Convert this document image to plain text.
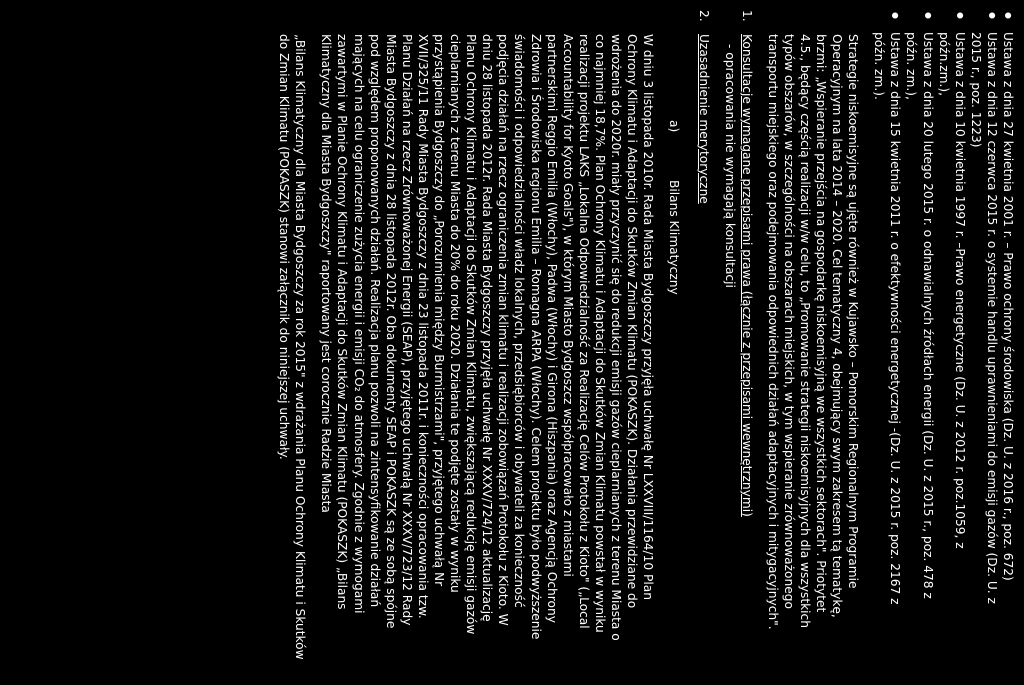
● Ustawa z dnia 27 kwietnia 2001 r. – Prawo ochrony środowiska (Dz. U. z 2016 r., poz. 672)
● Ustawa z dnia 12 czerwca 2015 r. o systemie handlu uprawnieniami do emisji gazów (Dz. U. z
2015 r., poz. 1223)
● Ustawa z dnia 10 kwietnia 1997 r. –Prawo energetyczne (Dz. U. z 2012 r. poz.1059, z
późn.zm.),
● Ustawa z dnia 20 lutego 2015 r. o odnawialnych źródłach energii (Dz. U. z 2015 r., poz. 478 z
późn. zm.),
● Ustawa z dnia 15 kwietnia 2011 r. o efektywności energetycznej -(Dz. U. z 2015 r. poz. 2167 z
późn. zm.).
Strategie niskoemisyjne są ujęte również w Kujawsko – Pomorskim Regionalnym Programie
Operacyjnym na lata 2014 – 2020. Cel tematyczny 4, obejmujący swym zakresem tą tematykę,
brzmi: „Wspieranie przejścia na gospodarkę niskoemisyjną we wszystkich sektorach". Priotytet
4.5., będący częścią realizacji w/w celu, to „Promowanie strategii niskoemisyjnych dla wszystkich
typów obszarów, w szczególności na obszarach miejskich, w tym wspieranie zrównoważonego
transportu miejskiego oraz podejmowania odpowiednich działań adaptacyjnych i mitygacyjnych".
1.
Konsultacje wymagane przepisami prawa (łącznie z przepisami wewnętrznymi)
- opracowania nie wymagają konsultacji
2.
Uzasadnienie merytoryczne
a)
Bilans Klimatyczny
W dniu 3 listopada 2010r. Rada Miasta Bydgoszczy przyjęła uchwałę Nr LXXVIII/1164/10 Plan
Ochrony Klimatu i Adaptacji do Skutków Zmian Klimatu (POKASZK). Działania przewidziane do
wdrożenia do 2020r. miały przyczynić się do redukcji emisji gazów cieplarnianych z terenu Miasta o
co najmniej 18,7%. Plan Ochrony Klimatu i Adaptacji do Skutków Zmian Klimatu powstał w wyniku
realizacji projektu LAKS „Lokalna Odpowiedzialność za Realizację Celów Protokołu z Kioto" („Local
Accountability for Kyoto Goals"), w którym Miasto Bydgoszcz współpracowało z miastami
partnerskimi Reggio Emilia (Włochy), Padwa (Włochy) i Girona (Hiszpania) oraz Agencją Ochrony
Zdrowia i Środowiska regionu Emilia – Romagna ARPA (Włochy). Celem projektu było podwyższenie
świadomości i odpowiedzialności władz lokalnych, przedsiębiorców i obywateli za konieczność
podjęcia działań na rzecz ograniczenia zmian klimatu i realizacji zobowiązań Protokołu z Kioto. W
dniu 28 listopada 2012r. Rada Miasta Bydgoszczy przyjęła uchwałę Nr XXXV/724/12 aktualizację
Planu Ochrony Klimatu i Adaptacji do Skutków Zmian Klimatu, zwiększającą redukcję emisji gazów
cieplarnianych z terenu Miasta do 20% do roku 2020. Działania te podjęte zostały w wyniku
przystąpienia Bydgoszczy do „Porozumienia między Burmistrzami", przyjętego uchwałą Nr
XVII/325/11 Rady Miasta Bydgoszczy z dnia 23 listopada 2011r. i konieczności opracowania tzw.
Planu Działań na rzecz Zrównoważonej Energii (SEAP), przyjętego uchwałą Nr XXXV/723/12 Rady
Miasta Bydgoszczy z dnia 28 listopada 2012r. Oba dokumenty SEAP i POKASZK są ze sobą spójne
pod względem proponowanych działań. Realizacja planu pozwoli na zintensyfikowanie działań
mających na celu ograniczenie zużycia energii i emisji CO₂ do atmosfery. Zgodnie z wymogami
zawartymi w Planie Ochrony Klimatu i Adaptacji do Skutków Zmian Klimatu (POKASZK) „Bilans
Klimatyczny dla Miasta Bydgoszczy" raportowany jest corocznie Radzie Miasta
„Bilans Klimatyczny dla Miasta Bydgoszczy za rok 2015" z wdrażania Planu Ochrony Klimatu i Skutków
do Zmian Klimatu (POKASZK) stanowi załącznik do niniejszej uchwały.
